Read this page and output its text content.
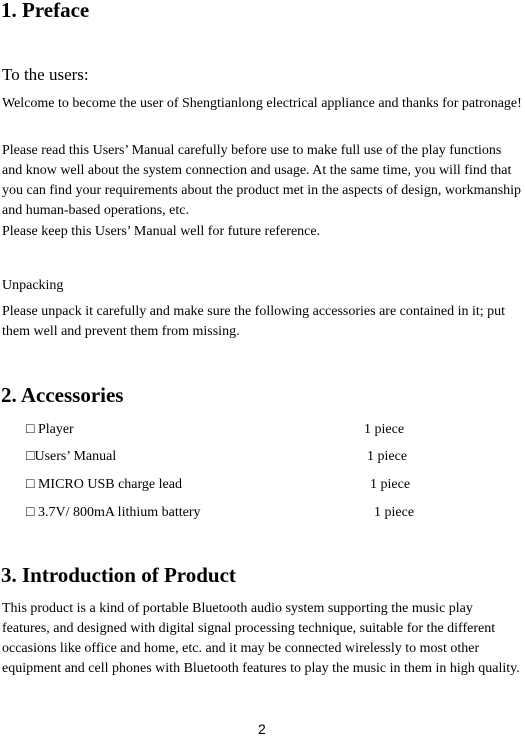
1. Preface
To the users:
Welcome to become the user of Shengtianlong electrical appliance and thanks for patronage!
Please read this Users’ Manual carefully before use to make full use of the play functions and know well about the system connection and usage. At the same time, you will find that you can find your requirements about the product met in the aspects of design, workmanship and human-based operations, etc.
Please keep this Users’ Manual well for future reference.
Unpacking
Please unpack it carefully and make sure the following accessories are contained in it; put them well and prevent them from missing.
2. Accessories
□ Player	1 piece
□Users’ Manual	1 piece
□ MICRO USB charge lead	1 piece
□ 3.7V/ 800mA lithium battery	1 piece
3. Introduction of Product
This product is a kind of portable Bluetooth audio system supporting the music play features, and designed with digital signal processing technique, suitable for the different occasions like office and home, etc. and it may be connected wirelessly to most other equipment and cell phones with Bluetooth features to play the music in them in high quality.
2
